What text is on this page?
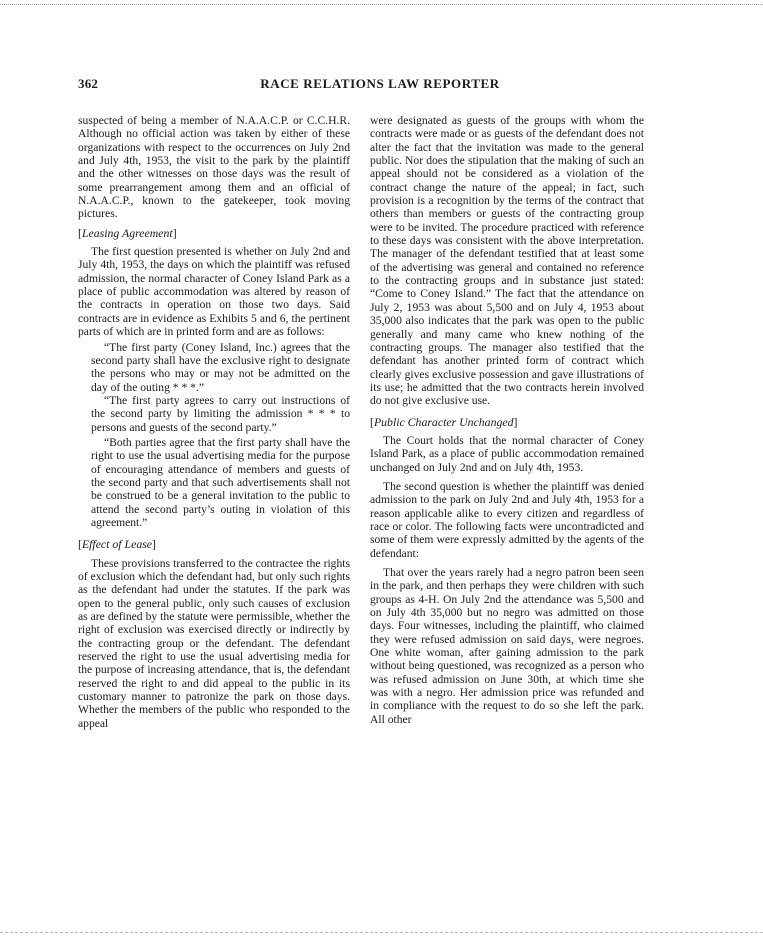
362	RACE RELATIONS LAW REPORTER

suspected of being a member of N.A.A.C.P. or C.C.H.R. Although no official action was taken by either of these organizations with respect to the occurrences on July 2nd and July 4th, 1953, the visit to the park by the plaintiff and the other witnesses on those days was the result of some prearrangement among them and an official of N.A.A.C.P., known to the gatekeeper, took moving pictures.

[Leasing Agreement]

The first question presented is whether on July 2nd and July 4th, 1953, the days on which the plaintiff was refused admission, the normal character of Coney Island Park as a place of public accommodation was altered by reason of the contracts in operation on those two days. Said contracts are in evidence as Exhibits 5 and 6, the pertinent parts of which are in printed form and are as follows:

“The first party (Coney Island, Inc.) agrees that the second party shall have the exclusive right to designate the persons who may or may not be admitted on the day of the outing * * *.”

“The first party agrees to carry out instructions of the second party by limiting the admission * * * to persons and guests of the second party.”

“Both parties agree that the first party shall have the right to use the usual advertising media for the purpose of encouraging attendance of members and guests of the second party and that such advertisements shall not be construed to be a general invitation to the public to attend the second party’s outing in violation of this agreement.”

[Effect of Lease]

These provisions transferred to the contractee the rights of exclusion which the defendant had, but only such rights as the defendant had under the statutes. If the park was open to the general public, only such causes of exclusion as are defined by the statute were permissible, whether the right of exclusion was exercised directly or indirectly by the contracting group or the defendant. The defendant reserved the right to use the usual advertising media for the purpose of increasing attendance, that is, the defendant reserved the right to and did appeal to the public in its customary manner to patronize the park on those days. Whether the members of the public who responded to the appeal

were designated as guests of the groups with whom the contracts were made or as guests of the defendant does not alter the fact that the invitation was made to the general public. Nor does the stipulation that the making of such an appeal should not be considered as a violation of the contract change the nature of the appeal; in fact, such provision is a recognition by the terms of the contract that others than members or guests of the contracting group were to be invited. The procedure practiced with reference to these days was consistent with the above interpretation. The manager of the defendant testified that at least some of the advertising was general and contained no reference to the contracting groups and in substance just stated: “Come to Coney Island.” The fact that the attendance on July 2, 1953 was about 5,500 and on July 4, 1953 about 35,000 also indicates that the park was open to the public generally and many came who knew nothing of the contracting groups. The manager also testified that the defendant has another printed form of contract which clearly gives exclusive possession and gave illustrations of its use; he admitted that the two contracts herein involved do not give exclusive use.

[Public Character Unchanged]

The Court holds that the normal character of Coney Island Park, as a place of public accommodation remained unchanged on July 2nd and on July 4th, 1953.

The second question is whether the plaintiff was denied admission to the park on July 2nd and July 4th, 1953 for a reason applicable alike to every citizen and regardless of race or color. The following facts were uncontradicted and some of them were expressly admitted by the agents of the defendant:

That over the years rarely had a negro patron been seen in the park, and then perhaps they were children with such groups as 4-H. On July 2nd the attendance was 5,500 and on July 4th 35,000 but no negro was admitted on those days. Four witnesses, including the plaintiff, who claimed they were refused admission on said days, were negroes. One white woman, after gaining admission to the park without being questioned, was recognized as a person who was refused admission on June 30th, at which time she was with a negro. Her admission price was refunded and in compliance with the request to do so she left the park. All other
